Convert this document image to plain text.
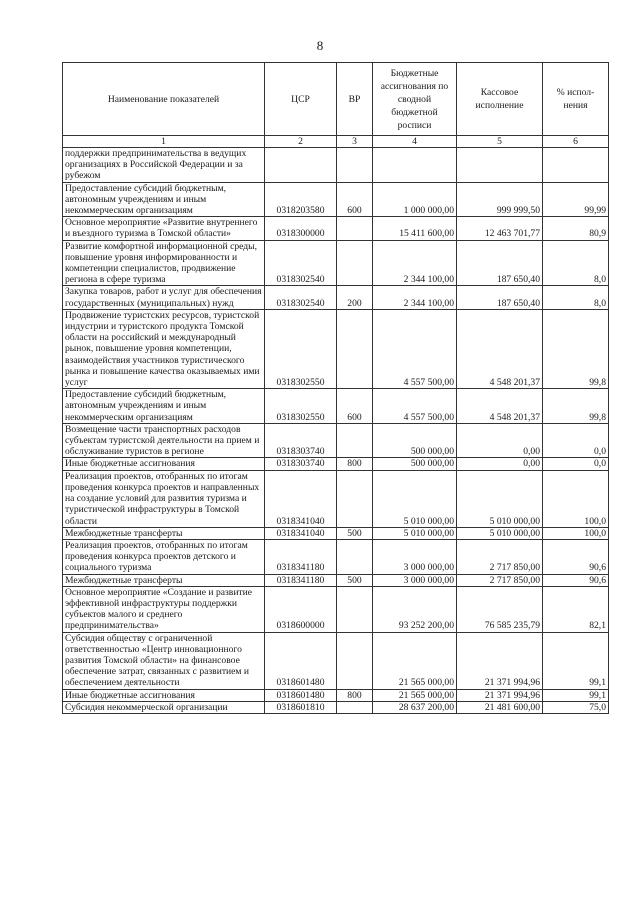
8
Наименование показателей	ЦСР	ВР	Бюджетные ассигнования по сводной бюджетной росписи	Кассовое исполнение	% испол-нения
1	2	3	4	5	6
поддержки предпринимательства в ведущих организациях в Российской Федерации и за рубежом					
Предоставление субсидий бюджетным, автономным учреждениям и иным некоммерческим организациям	0318203580	600	1 000 000,00	999 999,50	99,99
Основное мероприятие «Развитие внутреннего и въездного туризма в Томской области»	0318300000		15 411 600,00	12 463 701,77	80,9
Развитие комфортной информационной среды, повышение уровня информированности и компетенции специалистов, продвижение региона в сфере туризма	0318302540		2 344 100,00	187 650,40	8,0
Закупка товаров, работ и услуг для обеспечения государственных (муниципальных) нужд	0318302540	200	2 344 100,00	187 650,40	8,0
Продвижение туристских ресурсов, туристской индустрии и туристского продукта Томской области на российский и международный рынок, повышение уровня компетенции, взаимодействия участников туристического рынка и повышение качества оказываемых ими услуг	0318302550		4 557 500,00	4 548 201,37	99,8
Предоставление субсидий бюджетным, автономным учреждениям и иным некоммерческим организациям	0318302550	600	4 557 500,00	4 548 201,37	99,8
Возмещение части транспортных расходов субъектам туристской деятельности на прием и обслуживание туристов в регионе	0318303740		500 000,00	0,00	0,0
Иные бюджетные ассигнования	0318303740	800	500 000,00	0,00	0,0
Реализация проектов, отобранных по итогам проведения конкурса проектов и направленных на создание условий для развития туризма и туристической инфраструктуры в Томской области	0318341040		5 010 000,00	5 010 000,00	100,0
Межбюджетные трансферты	0318341040	500	5 010 000,00	5 010 000,00	100,0
Реализация проектов, отобранных по итогам проведения конкурса проектов детского и социального туризма	0318341180		3 000 000,00	2 717 850,00	90,6
Межбюджетные трансферты	0318341180	500	3 000 000,00	2 717 850,00	90,6
Основное мероприятие «Создание и развитие эффективной инфраструктуры поддержки субъектов малого и среднего предпринимательства»	0318600000		93 252 200,00	76 585 235,79	82,1
Субсидия обществу с ограниченной ответственностью «Центр инновационного развития Томской области» на финансовое обеспечение затрат, связанных с развитием и обеспечением деятельности	0318601480		21 565 000,00	21 371 994,96	99,1
Иные бюджетные ассигнования	0318601480	800	21 565 000,00	21 371 994,96	99,1
Субсидия некоммерческой организации	0318601810		28 637 200,00	21 481 600,00	75,0
